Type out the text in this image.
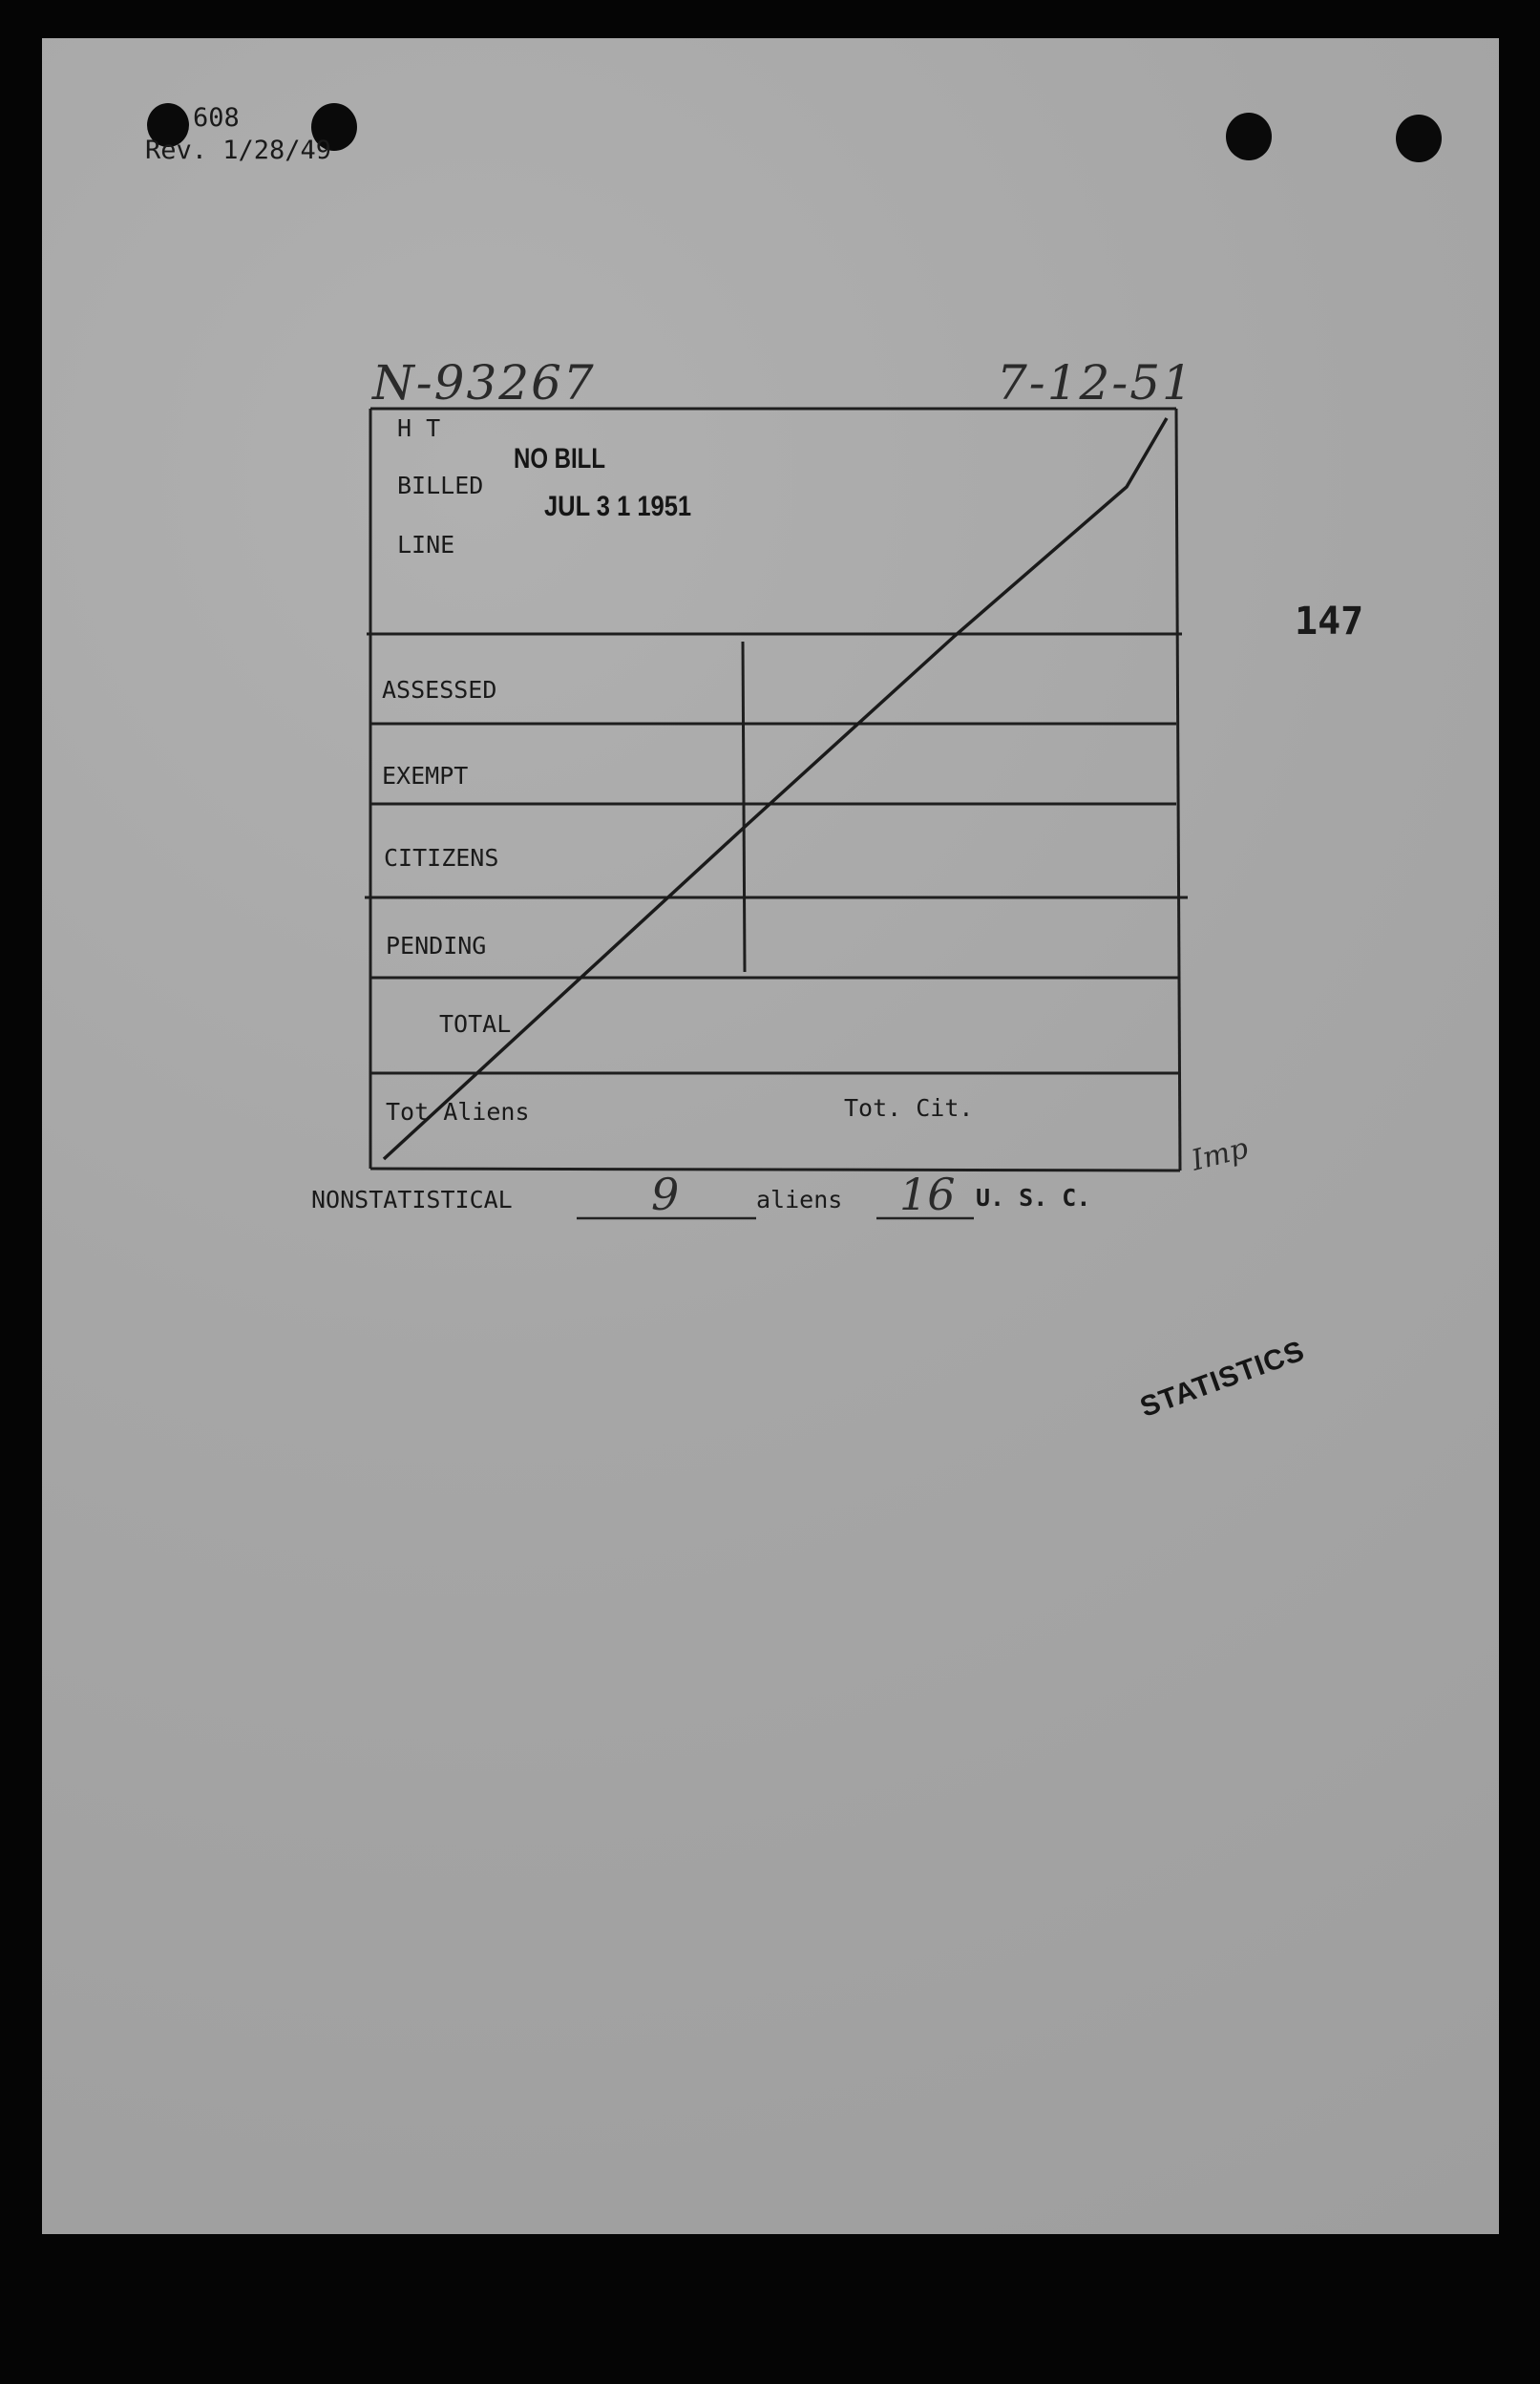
608
Rev. 1/28/49
N-93267	7-12-51
147
H T
BILLED
LINE
NO BILL
JUL 3 1 1951
ASSESSED
EXEMPT
CITIZENS
PENDING
TOTAL
Tot Aliens	Tot. Cit.
Imp
NONSTATISTICAL	9	aliens 16 U. S. C.
STATISTICS
